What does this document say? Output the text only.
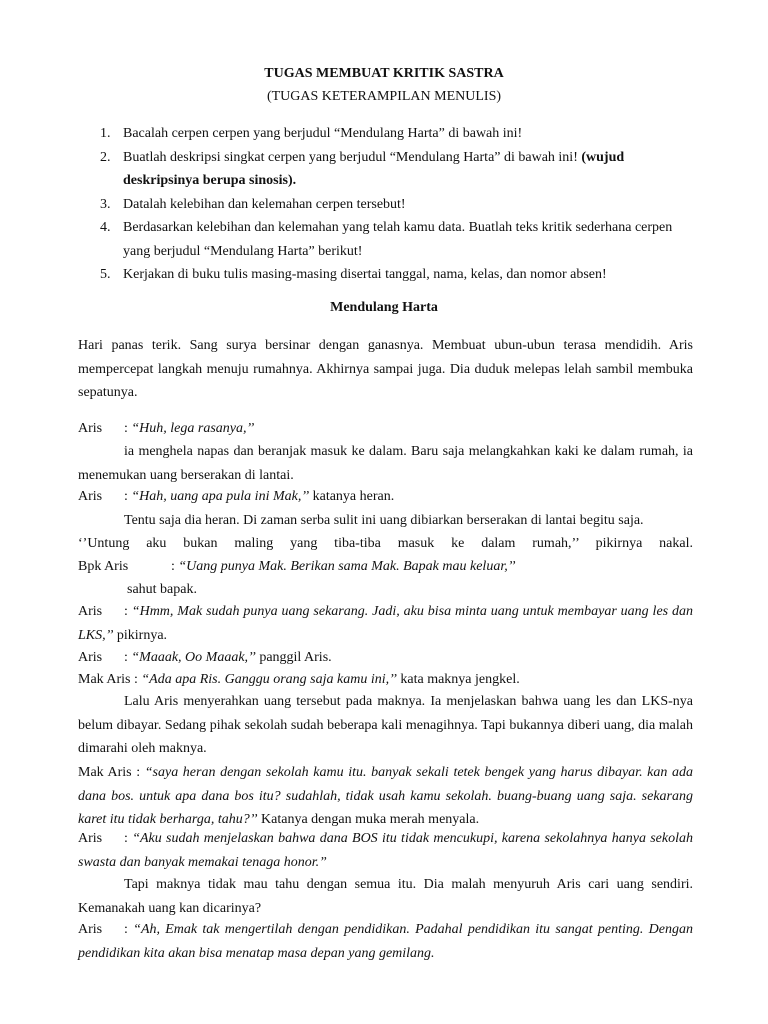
TUGAS MEMBUAT KRITIK SASTRA
(TUGAS KETERAMPILAN MENULIS)
1. Bacalah cerpen cerpen yang berjudul “Mendulang Harta” di bawah ini!
2. Buatlah deskripsi singkat cerpen yang berjudul “Mendulang Harta” di bawah ini! (wujud deskripsinya berupa sinosis).
3. Datalah kelebihan dan kelemahan cerpen tersebut!
4. Berdasarkan kelebihan dan kelemahan yang telah kamu data. Buatlah teks kritik sederhana cerpen yang berjudul “Mendulang Harta” berikut!
5. Kerjakan di buku tulis masing-masing disertai tanggal, nama, kelas, dan nomor absen!
Mendulang Harta

Hari panas terik. Sang surya bersinar dengan ganasnya. Membuat ubun-ubun terasa mendidih. Aris mempercepat langkah menuju rumahnya. Akhirnya sampai juga. Dia duduk melepas lelah sambil membuka sepatunya.

Aris : “Huh, lega rasanya,’’

ia menghela napas dan beranjak masuk ke dalam. Baru saja melangkahkan kaki ke dalam rumah, ia menemukan uang berserakan di lantai.

Aris : “Hah, uang apa pula ini Mak,’’ katanya heran.

Tentu saja dia heran. Di zaman serba sulit ini uang dibiarkan berserakan di lantai begitu saja.

‘’Untung aku bukan maling yang tiba-tiba masuk ke dalam rumah,’’ pikirnya nakal.

Bpk Aris	: “Uang punya Mak. Berikan sama Mak. Bapak mau keluar,’’
sahut bapak.

Aris : “Hmm, Mak sudah punya uang sekarang. Jadi, aku bisa minta uang untuk membayar uang les dan LKS,’’ pikirnya.

Aris : “Maaak, Oo Maaak,’’ panggil Aris.
Mak Aris : “Ada apa Ris. Ganggu orang saja kamu ini,’’ kata maknya jengkel.

Lalu Aris menyerahkan uang tersebut pada maknya. Ia menjelaskan bahwa uang les dan LKS-nya belum dibayar. Sedang pihak sekolah sudah beberapa kali menagihnya. Tapi bukannya diberi uang, dia malah dimarahi oleh maknya.

Mak Aris : “saya heran dengan sekolah kamu itu. banyak sekali tetek bengek yang harus dibayar. kan ada dana bos. untuk apa dana bos itu? sudahlah, tidak usah kamu sekolah. buang-buang uang saja. sekarang karet itu tidak berharga, tahu?’’ Katanya dengan muka merah menyala.

Aris : “Aku sudah menjelaskan bahwa dana BOS itu tidak mencukupi, karena sekolahnya hanya sekolah swasta dan banyak memakai tenaga honor.”

Tapi maknya tidak mau tahu dengan semua itu. Dia malah menyuruh Aris cari uang sendiri. Kemanakah uang kan dicarinya?

Aris : “Ah, Emak tak mengertilah dengan pendidikan. Padahal pendidikan itu sangat penting. Dengan pendidikan kita akan bisa menatap masa depan yang gemilang.
